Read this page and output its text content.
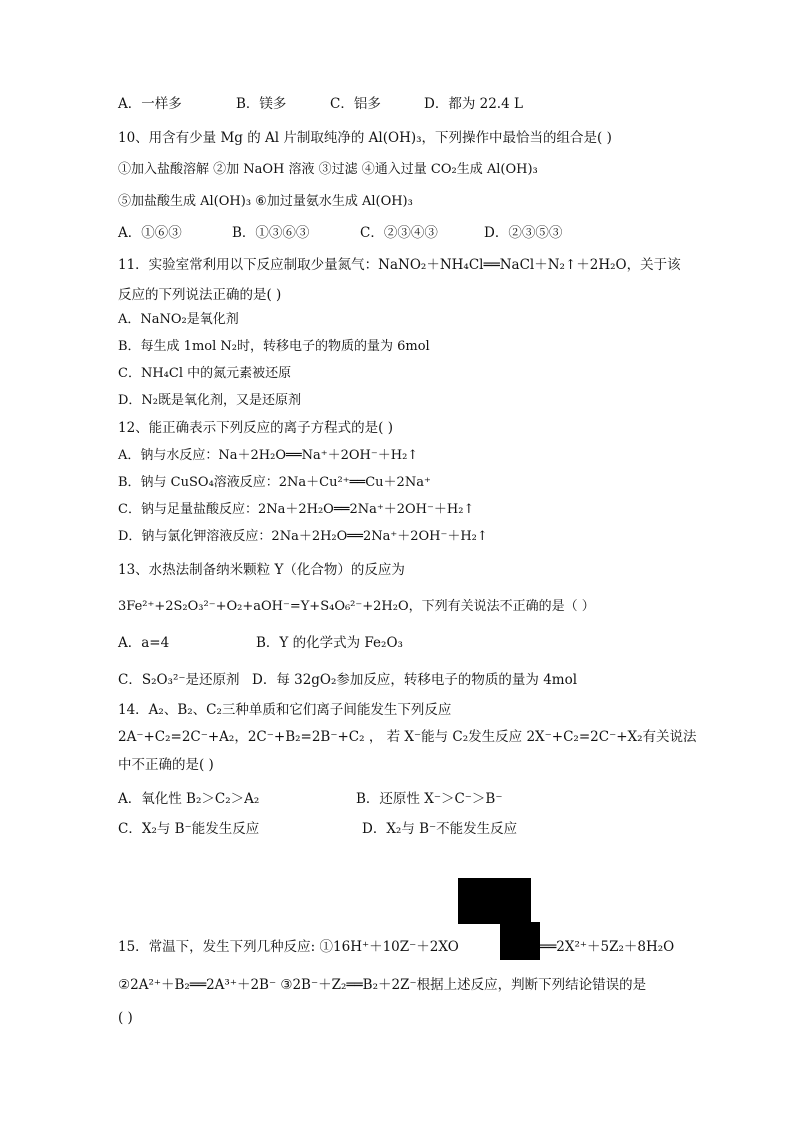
A．一样多	B．镁多	C．铝多	D．都为 22.4 L
10、用含有少量 Mg 的 Al 片制取纯净的 Al(OH)₃，下列操作中最恰当的组合是( )
①加入盐酸溶解 ②加 NaOH 溶液 ③过滤 ④通入过量 CO₂生成 Al(OH)₃
⑤加盐酸生成 Al(OH)₃ ⑥加过量氨水生成 Al(OH)₃
A．①⑥③	B．①③⑥③	C．②③④③	D．②③⑤③
11．实验室常利用以下反应制取少量氮气：NaNO₂＋NH₄Cl══NaCl＋N₂↑＋2H₂O，关于该
反应的下列说法正确的是( )
A．NaNO₂是氧化剂
B．每生成 1mol N₂时，转移电子的物质的量为 6mol
C．NH₄Cl 中的氮元素被还原
D．N₂既是氧化剂，又是还原剂
12、能正确表示下列反应的离子方程式的是( )
A．钠与水反应：Na＋2H₂O══Na⁺＋2OH⁻＋H₂↑
B．钠与 CuSO₄溶液反应：2Na＋Cu²⁺══Cu＋2Na⁺
C．钠与足量盐酸反应：2Na＋2H₂O══2Na⁺＋2OH⁻＋H₂↑
D．钠与氯化钾溶液反应：2Na＋2H₂O══2Na⁺＋2OH⁻＋H₂↑
13、水热法制备纳米颗粒 Y（化合物）的反应为
3Fe²⁺+2S₂O₃²⁻+O₂+aOH⁻=Y+S₄O₆²⁻+2H₂O，下列有关说法不正确的是（ ）
A．a=4	B．Y 的化学式为 Fe₂O₃
C．S₂O₃²⁻是还原剂 D．每 32gO₂参加反应，转移电子的物质的量为 4mol
14．A₂、B₂、C₂三种单质和它们离子间能发生下列反应
2A⁻+C₂=2C⁻+A₂，2C⁻+B₂=2B⁻+C₂ ， 若 X⁻能与 C₂发生反应 2X⁻+C₂=2C⁻+X₂有关说法
中不正确的是( )
A．氧化性 B₂＞C₂＞A₂	B．还原性 X⁻＞C⁻＞B⁻
C．X₂与 B⁻能发生反应	D．X₂与 B⁻不能发生反应
15．常温下，发生下列几种反应: ①16H⁺＋10Z⁻＋2XO	══2X²⁺＋5Z₂＋8H₂O
②2A²⁺＋B₂══2A³⁺＋2B⁻ ③2B⁻＋Z₂══B₂＋2Z⁻根据上述反应，判断下列结论错误的是
( )
